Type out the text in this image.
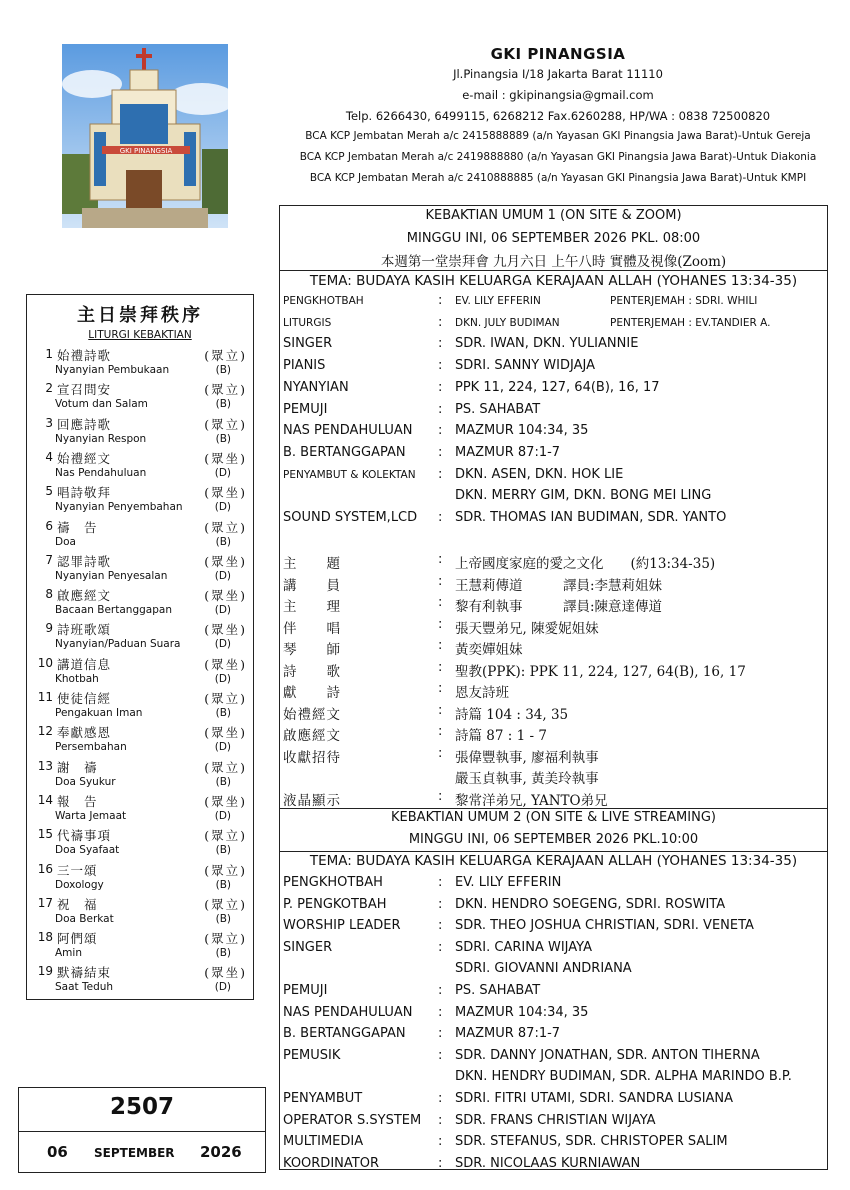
GKI PINANGSIA
GKI PINANGSIA
Jl.Pinangsia I/18 Jakarta Barat 11110
e-mail : gkipinangsia@gmail.com
Telp. 6266430, 6499115, 6268212 Fax.6260288, HP/WA : 0838 72500820
BCA KCP Jembatan Merah a/c 2415888889 (a/n Yayasan GKI Pinangsia Jawa Barat)-Untuk Gereja
BCA KCP Jembatan Merah a/c 2419888880 (a/n Yayasan GKI Pinangsia Jawa Barat)-Untuk Diakonia
BCA KCP Jembatan Merah a/c 2410888885 (a/n Yayasan GKI Pinangsia Jawa Barat)-Untuk KMPI
主日崇拜秩序
LITURGI KEBAKTIAN
1 始禮詩歌	(眾立)
Nyanyian Pembukaan	(B)
2 宣召問安	(眾立)
Votum dan Salam	(B)
3 回應詩歌	(眾立)
Nyanyian Respon	(B)
4 始禮經文	(眾坐)
Nas Pendahuluan	(D)
5 唱詩敬拜	(眾坐)
Nyanyian Penyembahan	(D)
6 禱　告	(眾立)
Doa	(B)
7 認罪詩歌	(眾坐)
Nyanyian Penyesalan	(D)
8 啟應經文	(眾坐)
Bacaan Bertanggapan	(D)
9 詩班歌頌	(眾坐)
Nyanyian/Paduan Suara	(D)
10 講道信息	(眾坐)
Khotbah	(D)
11 使徒信經	(眾立)
Pengakuan Iman	(B)
12 奉獻感恩	(眾坐)
Persembahan	(D)
13 謝　禱	(眾立)
Doa Syukur	(B)
14 報　告	(眾坐)
Warta Jemaat	(D)
15 代禱事項	(眾立)
Doa Syafaat	(B)
16 三一頌	(眾立)
Doxology	(B)
17 祝　福	(眾立)
Doa Berkat	(B)
18 阿們頌	(眾立)
Amin	(B)
19 默禱結束	(眾坐)
Saat Teduh	(D)
2507
06 SEPTEMBER 2026
KEBAKTIAN UMUM 1 (ON SITE & ZOOM)
MINGGU INI, 06 SEPTEMBER 2026 PKL. 08:00
本週第一堂崇拜會 九月六日 上午八時 實體及視像(Zoom)
TEMA: BUDAYA KASIH KELUARGA KERAJAAN ALLAH (YOHANES 13:34-35)
PENGKHOTBAH	: EV. LILY EFFERIN	PENTERJEMAH : SDRI. WHILI
LITURGIS	: DKN. JULY BUDIMAN	PENTERJEMAH : EV.TANDIER A.
SINGER	: SDR. IWAN, DKN. YULIANNIE
PIANIS	: SDRI. SANNY WIDJAJA
NYANYIAN	: PPK 11, 224, 127, 64(B), 16, 17
PEMUJI	: PS. SAHABAT
NAS PENDAHULUAN : MAZMUR 104:34, 35
B. BERTANGGAPAN : MAZMUR 87:1-7
PENYAMBUT & KOLEKTAN : DKN. ASEN, DKN. HOK LIE
DKN. MERRY GIM, DKN. BONG MEI LING
SOUND SYSTEM,LCD : SDR. THOMAS IAN BUDIMAN, SDR. YANTO
主　　題	: 上帝國度家庭的愛之文化　　(約13:34-35)
講　　員	: 王慧莉傳道　　　譯員:李慧莉姐妹
主　　理	: 黎有利執事　　　譯員:陳意達傳道
伴　　唱	: 張天豐弟兄, 陳愛妮姐妹
琴　　師	: 黃奕嬋姐妹
詩　　歌	: 聖教(PPK): PPK 11, 224, 127, 64(B), 16, 17
獻　　詩	: 恩友詩班
始禮經文	: 詩篇 104 : 34, 35
啟應經文	: 詩篇 87 : 1 - 7
收獻招待	: 張偉豐執事, 廖福利執事
嚴玉貞執事, 黃美玲執事
液晶顯示	: 黎常洋弟兄, YANTO弟兄
KEBAKTIAN UMUM 2 (ON SITE & LIVE STREAMING)
MINGGU INI, 06 SEPTEMBER 2026 PKL.10:00
TEMA: BUDAYA KASIH KELUARGA KERAJAAN ALLAH (YOHANES 13:34-35)
PENGKHOTBAH	: EV. LILY EFFERIN
P. PENGKOTBAH	: DKN. HENDRO SOEGENG, SDRI. ROSWITA
WORSHIP LEADER	: SDR. THEO JOSHUA CHRISTIAN, SDRI. VENETA
SINGER	: SDRI. CARINA WIJAYA
SDRI. GIOVANNI ANDRIANA
PEMUJI	: PS. SAHABAT
NAS PENDAHULUAN : MAZMUR 104:34, 35
B. BERTANGGAPAN : MAZMUR 87:1-7
PEMUSIK	: SDR. DANNY JONATHAN, SDR. ANTON TIHERNA
DKN. HENDRY BUDIMAN, SDR. ALPHA MARINDO B.P.
PENYAMBUT	: SDRI. FITRI UTAMI, SDRI. SANDRA LUSIANA
OPERATOR S.SYSTEM : SDR. FRANS CHRISTIAN WIJAYA
MULTIMEDIA	: SDR. STEFANUS, SDR. CHRISTOPER SALIM
KOORDINATOR	: SDR. NICOLAAS KURNIAWAN
